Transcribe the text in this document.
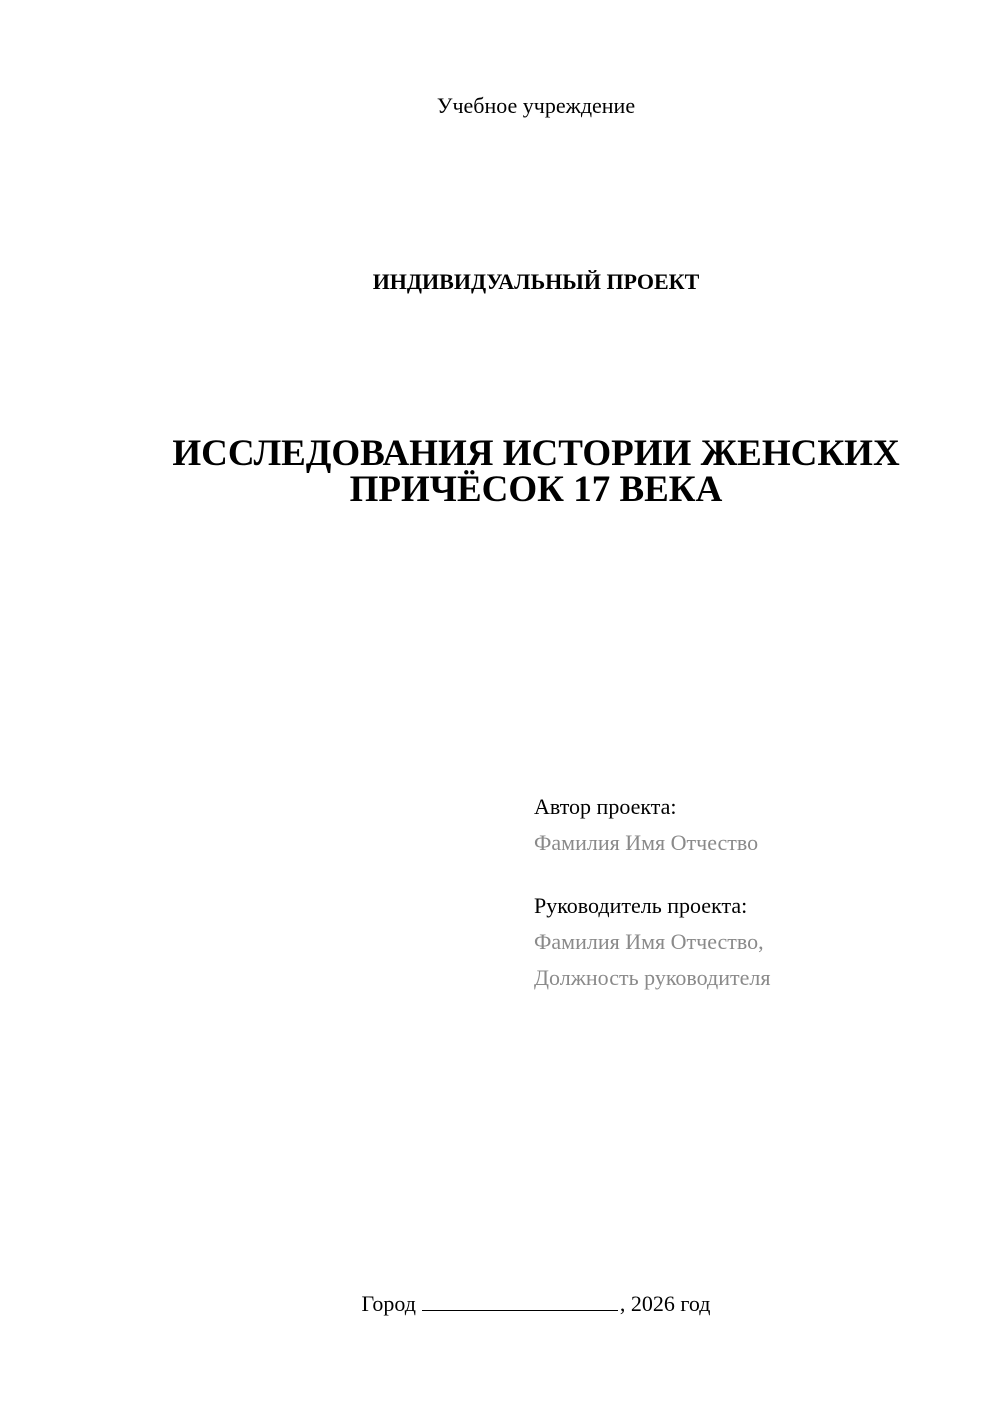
Учебное учреждение
ИНДИВИДУАЛЬНЫЙ ПРОЕКТ
ИССЛЕДОВАНИЯ ИСТОРИИ ЖЕНСКИХ
ПРИЧЁСОК 17 ВЕКА
Автор проекта:
Фамилия Имя Отчество
Руководитель проекта:
Фамилия Имя Отчество,
Должность руководителя
Город	, 2026 год
